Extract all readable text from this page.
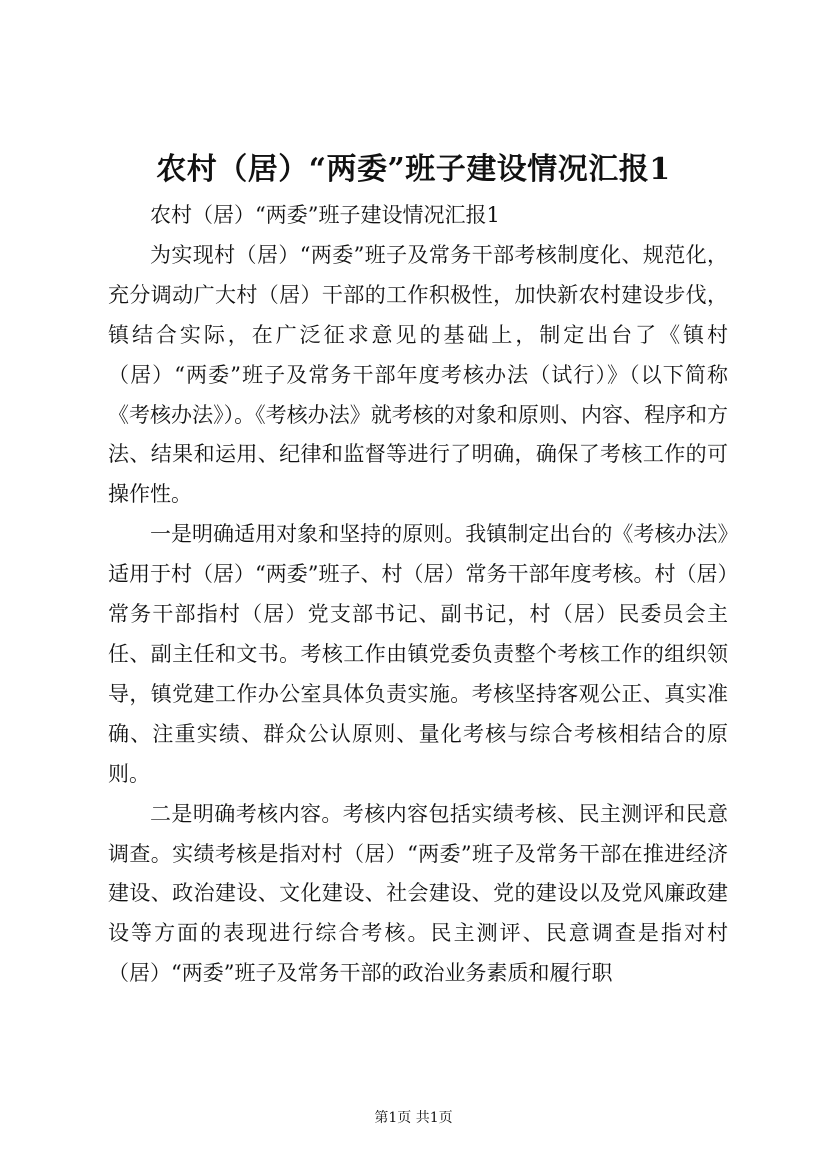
农村（居）“两委”班子建设情况汇报1

农村（居）“两委”班子建设情况汇报1

为实现村（居）“两委”班子及常务干部考核制度化、规范化，充分调动广大村（居）干部的工作积极性，加快新农村建设步伐，镇结合实际，在广泛征求意见的基础上，制定出台了《镇村（居）“两委”班子及常务干部年度考核办法（试行）》（以下简称《考核办法》）。《考核办法》就考核的对象和原则、内容、程序和方法、结果和运用、纪律和监督等进行了明确，确保了考核工作的可操作性。

一是明确适用对象和坚持的原则。我镇制定出台的《考核办法》适用于村（居）“两委”班子、村（居）常务干部年度考核。村（居）常务干部指村（居）党支部书记、副书记，村（居）民委员会主任、副主任和文书。考核工作由镇党委负责整个考核工作的组织领导，镇党建工作办公室具体负责实施。考核坚持客观公正、真实准确、注重实绩、群众公认原则、量化考核与综合考核相结合的原则。

二是明确考核内容。考核内容包括实绩考核、民主测评和民意调查。实绩考核是指对村（居）“两委”班子及常务干部在推进经济建设、政治建设、文化建设、社会建设、党的建设以及党风廉政建设等方面的表现进行综合考核。民主测评、民意调查是指对村（居）“两委”班子及常务干部的政治业务素质和履行职

第1页 共1页
